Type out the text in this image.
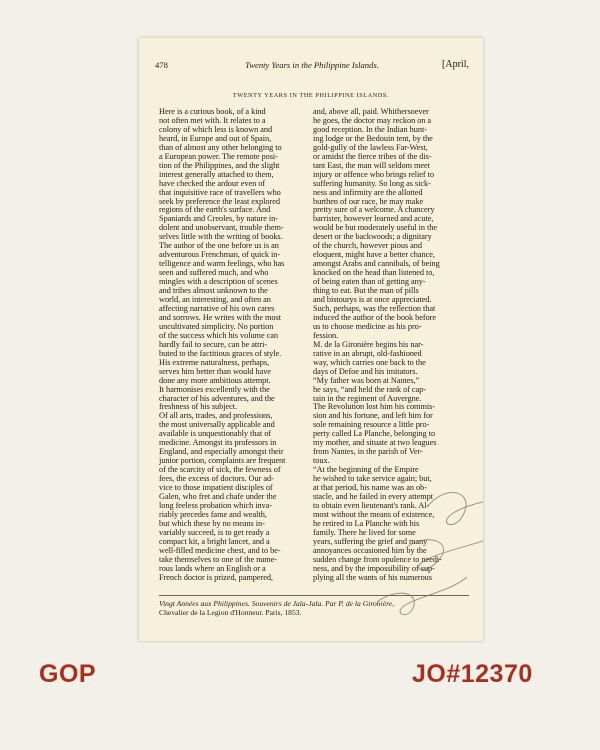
478	Twenty Years in the Philippine Islands.	[April,
TWENTY YEARS IN THE PHILIPPINE ISLANDS.
Here is a curious book, of a kind
not often met with. It relates to a
colony of which less is known and
heard, in Europe and out of Spain,
than of almost any other belonging to
a European power. The remote posi-
tion of the Philippines, and the slight
interest generally attached to them,
have checked the ardour even of
that inquisitive race of travellers who
seek by preference the least explored
regions of the earth's surface. And
Spaniards and Creoles, by nature in-
dolent and unobservant, trouble them-
selves little with the writing of books.
The author of the one before us is an
adventurous Frenchman, of quick in-
telligence and warm feelings, who has
seen and suffered much, and who
mingles with a description of scenes
and tribes almost unknown to the
world, an interesting, and often an
affecting narrative of his own cares
and sorrows. He writes with the most
uncultivated simplicity. No portion
of the success which his volume can
hardly fail to secure, can be attri-
buted to the factitious graces of style.
His extreme naturalness, perhaps,
serves him better than would have
done any more ambitious attempt.
It harmonises excellently with the
character of his adventures, and the
freshness of his subject.
Of all arts, trades, and professions,
the most universally applicable and
available is unquestionably that of
medicine. Amongst its professors in
England, and especially amongst their
junior portion, complaints are frequent
of the scarcity of sick, the fewness of
fees, the excess of doctors. Our ad-
vice to those impatient disciples of
Galen, who fret and chafe under the
long feeless probation which inva-
riably precedes fame and wealth,
but which these by no means in-
variably succeed, is to get ready a
compact kit, a bright lancet, and a
well-filled medicine chest, and to be-
take themselves to one of the nume-
rous lands where an English or a
French doctor is prized, pampered,
and, above all, paid. Whithersoever
he goes, the doctor may reckon on a
good reception. In the Indian hunt-
ing lodge or the Bedouin tent, by the
gold-gully of the lawless Far-West,
or amidst the fierce tribes of the dis-
tant East, the man will seldom meet
injury or offence who brings relief to
suffering humanity. So long as sick-
ness and infirmity are the allotted
burthen of our race, he may make
pretty sure of a welcome. A chancery
barrister, however learned and acute,
would be but moderately useful in the
desert or the backwoods; a dignitary
of the church, however pious and
eloquent, might have a better chance,
amongst Arabs and cannibals, of being
knocked on the head than listened to,
of being eaten than of getting any-
thing to eat. But the man of pills
and bistourys is at once appreciated.
Such, perhaps, was the reflection that
induced the author of the book before
us to choose medicine as his pro-
fession.
M. de la Gironière begins his nar-
rative in an abrupt, old-fashioned
way, which carries one back to the
days of Defoe and his imitators.
“My father was born at Nantes,”
he says, “and held the rank of cap-
tain in the regiment of Auvergne.
The Revolution lost him his commis-
sion and his fortune, and left him for
sole remaining resource a little pro-
perty called La Planche, belonging to
my mother, and situate at two leagues
from Nantes, in the parish of Ver-
toux.
“At the beginning of the Empire
he wished to take service again; but,
at that period, his name was an ob-
stacle, and he failed in every attempt
to obtain even lieutenant's rank. Al-
most without the means of existence,
he retired to La Planche with his
family. There he lived for some
years, suffering the grief and many
annoyances occasioned him by the
sudden change from opulence to needi-
ness, and by the impossibility of sup-
plying all the wants of his numerous
Vingt Années aux Philippines. Souvenirs de Jala-Jala. Par P. de la Gironière,
Chevalier de la Legion d'Honneur. Paris, 1853.
GOP	JO#12370
